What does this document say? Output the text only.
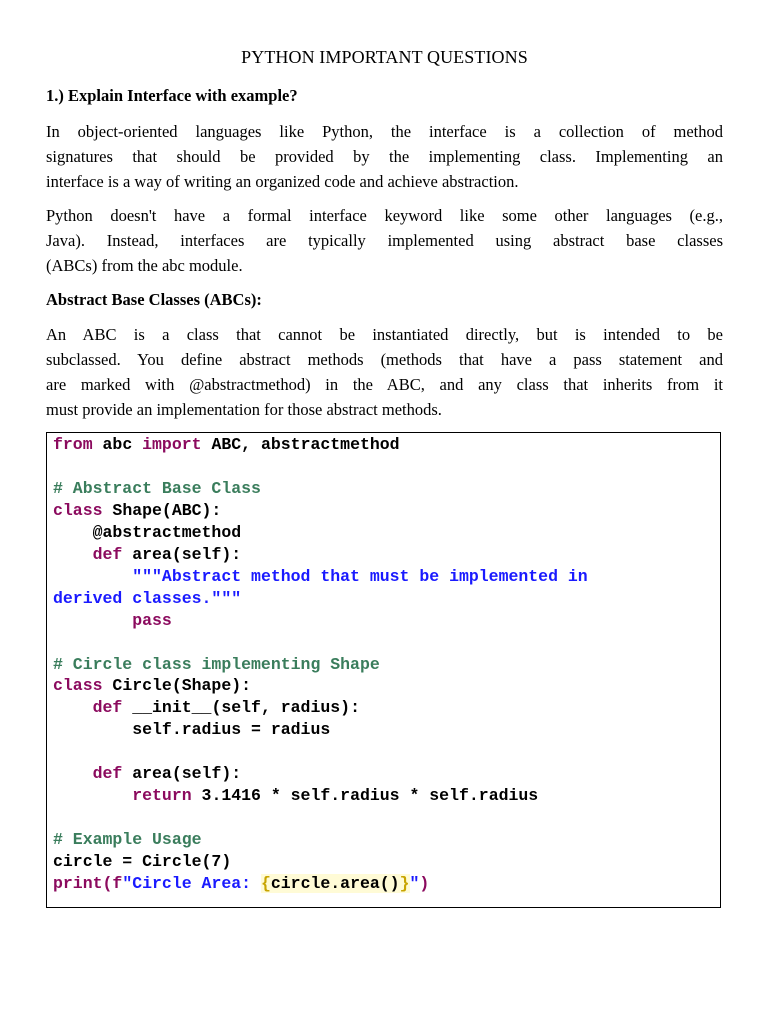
PYTHON IMPORTANT QUESTIONS
1.) Explain Interface with example?
In object-oriented languages like Python, the interface is a collection of method
signatures that should be provided by the implementing class. Implementing an
interface is a way of writing an organized code and achieve abstraction.
Python doesn't have a formal interface keyword like some other languages (e.g.,
Java). Instead, interfaces are typically implemented using abstract base classes
(ABCs) from the abc module.
Abstract Base Classes (ABCs):
An ABC is a class that cannot be instantiated directly, but is intended to be
subclassed. You define abstract methods (methods that have a pass statement and
are marked with @abstractmethod) in the ABC, and any class that inherits from it
must provide an implementation for those abstract methods.
from abc import ABC, abstractmethod

# Abstract Base Class
class Shape(ABC):
@abstractmethod
def area(self):
"""Abstract method that must be implemented in
derived classes."""
pass

# Circle class implementing Shape
class Circle(Shape):
def __init__(self, radius):
self.radius = radius

def area(self):
return 3.1416 * self.radius * self.radius

# Example Usage
circle = Circle(7)
print(f"Circle Area: {circle.area()}")
